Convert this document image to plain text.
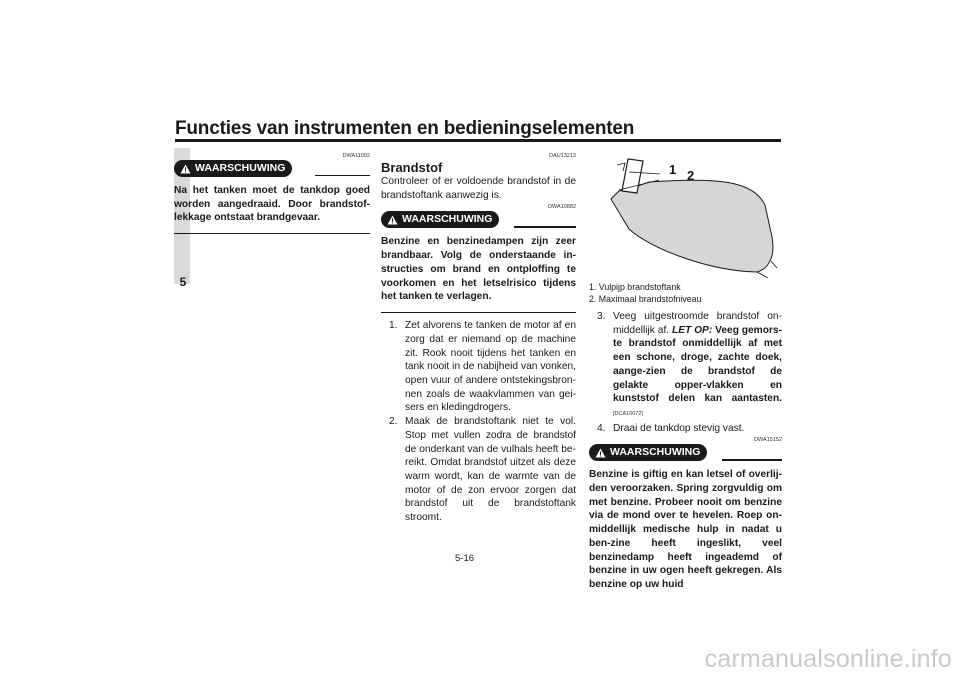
Functies van instrumenten en bedieningselementen
5
DWA11092
WAARSCHUWING
Na het tanken moet de tankdop goed worden aangedraaid. Door brandstof-lekkage ontstaat brandgevaar.
DAU13213
Brandstof
Controleer of er voldoende brandstof in de brandstoftank aanwezig is.
DWA10882
WAARSCHUWING
Benzine en benzinedampen zijn zeer brandbaar. Volg de onderstaande in-structies om brand en ontploffing te voorkomen en het letselrisico tijdens het tanken te verlagen.
1. Zet alvorens te tanken de motor af en zorg dat er niemand op de machine zit. Rook nooit tijdens het tanken en tank nooit in de nabijheid van vonken, open vuur of andere ontstekingsbron-nen zoals de waakvlammen van gei-sers en kledingdrogers.
2. Maak de brandstoftank niet te vol. Stop met vullen zodra de brandstof de onderkant van de vulhals heeft be-reikt. Omdat brandstof uitzet als deze warm wordt, kan de warmte van de motor of de zon ervoor zorgen dat brandstof uit de brandstoftank stroomt.
1 2
1. Vulpijp brandstoftank
2. Maximaal brandstofniveau
3. Veeg uitgestroomde brandstof on-middellijk af. LET OP: Veeg gemors-te brandstof onmiddellijk af met een schone, droge, zachte doek, aange-zien de brandstof de gelakte opper-vlakken en kunststof delen kan aantasten. [DCA10072]
4. Draai de tankdop stevig vast.
DWA15152
WAARSCHUWING
Benzine is giftig en kan letsel of overlij-den veroorzaken. Spring zorgvuldig om met benzine. Probeer nooit om benzine via de mond over te hevelen. Roep on-middellijk medische hulp in nadat u ben-zine heeft ingeslikt, veel benzinedamp heeft ingeademd of benzine in uw ogen heeft gekregen. Als benzine op uw huid
5-16
carmanualsonline.info
